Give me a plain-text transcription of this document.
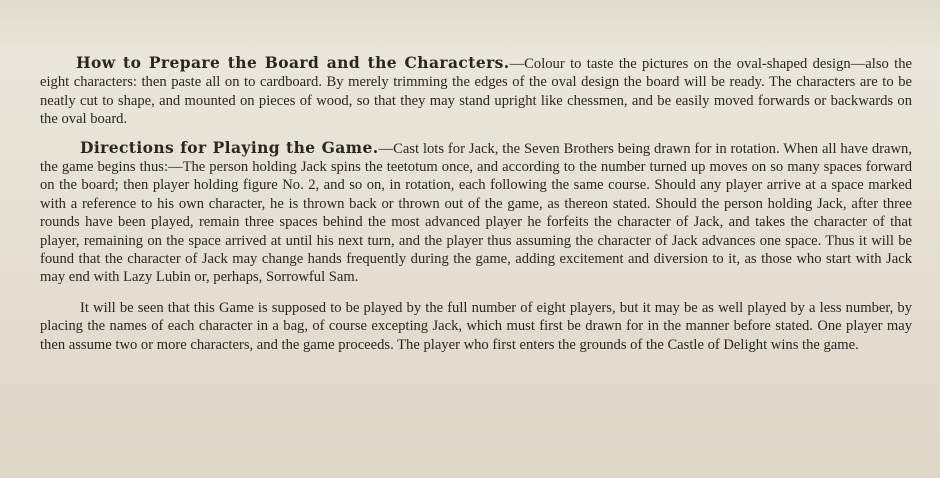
How to Prepare the Board and the Characters.—Colour to taste the pictures on the oval-shaped design—also the eight characters: then paste all on to cardboard. By merely trimming the edges of the oval design the board will be ready. The characters are to be neatly cut to shape, and mounted on pieces of wood, so that they may stand upright like chessmen, and be easily moved forwards or backwards on the oval board.

Directions for Playing the Game.—Cast lots for Jack, the Seven Brothers being drawn for in rotation. When all have drawn, the game begins thus:—The person holding Jack spins the teetotum once, and according to the number turned up moves on so many spaces forward on the board; then player holding figure No. 2, and so on, in rotation, each following the same course. Should any player arrive at a space marked with a reference to his own character, he is thrown back or thrown out of the game, as thereon stated. Should the person holding Jack, after three rounds have been played, remain three spaces behind the most advanced player he forfeits the character of Jack, and takes the character of that player, remaining on the space arrived at until his next turn, and the player thus assuming the character of Jack advances one space. Thus it will be found that the character of Jack may change hands frequently during the game, adding excitement and diversion to it, as those who start with Jack may end with Lazy Lubin or, perhaps, Sorrowful Sam.

It will be seen that this Game is supposed to be played by the full number of eight players, but it may be as well played by a less number, by placing the names of each character in a bag, of course excepting Jack, which must first be drawn for in the manner before stated. One player may then assume two or more characters, and the game proceeds. The player who first enters the grounds of the Castle of Delight wins the game.
